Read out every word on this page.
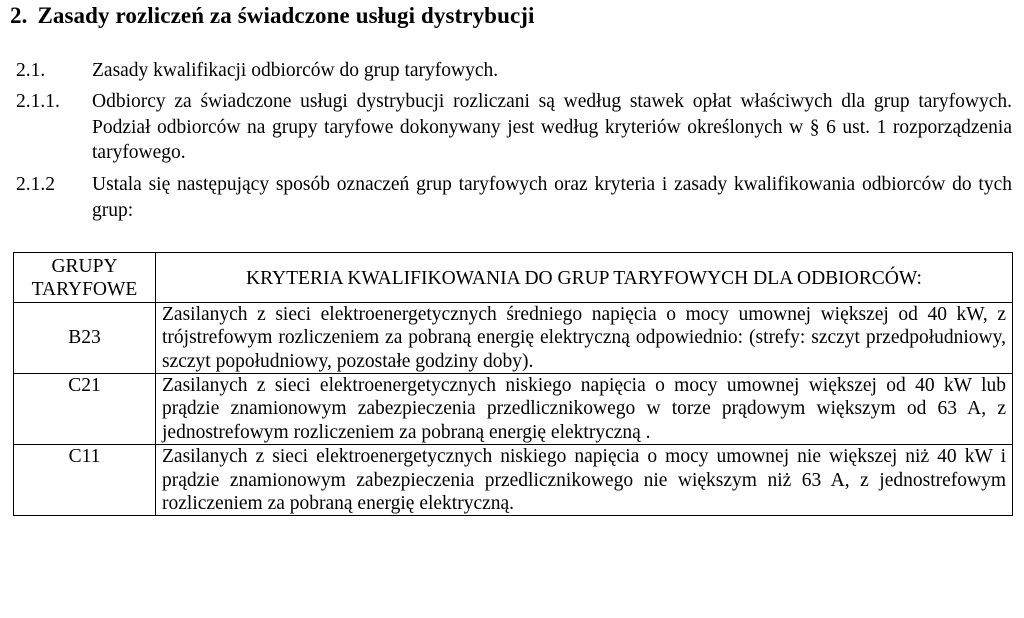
2. Zasady rozliczeń za świadczone usługi dystrybucji
2.1. Zasady kwalifikacji odbiorców do grup taryfowych.
2.1.1. Odbiorcy za świadczone usługi dystrybucji rozliczani są według stawek opłat właściwych dla grup taryfowych. Podział odbiorców na grupy taryfowe dokonywany jest według kryteriów określonych w § 6 ust. 1 rozporządzenia taryfowego.
2.1.2 Ustala się następujący sposób oznaczeń grup taryfowych oraz kryteria i zasady kwalifikowania odbiorców do tych grup:
GRUPY TARYFOWE	KRYTERIA KWALIFIKOWANIA DO GRUP TARYFOWYCH DLA ODBIORCÓW:
B23	Zasilanych z sieci elektroenergetycznych średniego napięcia o mocy umownej większej od 40 kW, z trójstrefowym rozliczeniem za pobraną energię elektryczną odpowiednio: (strefy: szczyt przedpołudniowy, szczyt popołudniowy, pozostałe godziny doby).
C21	Zasilanych z sieci elektroenergetycznych niskiego napięcia o mocy umownej większej od 40 kW lub prądzie znamionowym zabezpieczenia przedlicznikowego w torze prądowym większym od 63 A, z jednostrefowym rozliczeniem za pobraną energię elektryczną .
C11	Zasilanych z sieci elektroenergetycznych niskiego napięcia o mocy umownej nie większej niż 40 kW i prądzie znamionowym zabezpieczenia przedlicznikowego nie większym niż 63 A, z jednostrefowym rozliczeniem za pobraną energię elektryczną.
